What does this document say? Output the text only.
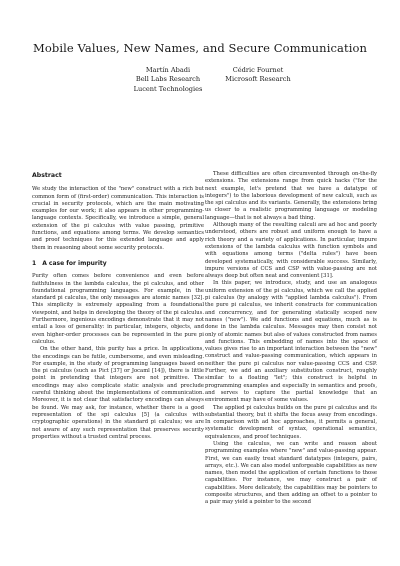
Mobile Values, New Names, and Secure Communication
Martín Abadi
Bell Labs Research
Lucent Technologies
Cédric Fournet
Microsoft Research
Abstract

We study the interaction of the "new" construct with a rich but common form of (first-order) communication. This interaction is crucial in security protocols, which are the main motivating examples for our work; it also appears in other programming-language contexts. Specifically, we introduce a simple, general extension of the pi calculus with value passing, primitive functions, and equations among terms. We develop semantics and proof techniques for this extended language and apply them in reasoning about some security protocols.

1 A case for impurity

Purity often comes before convenience and even before faithfulness in the lambda calculus, the pi calculus, and other foundational programming languages. For example, in the standard pi calculus, the only messages are atomic names [32]. This simplicity is extremely appealing from a foundational viewpoint, and helps in developing the theory of the pi calculus. Furthermore, ingenious encodings demonstrate that it may not entail a loss of generality: in particular, integers, objects, and even higher-order processes can be represented in the pure pi calculus.

On the other hand, this purity has a price. In applications, the encodings can be futile, cumbersome, and even misleading. For example, in the study of programming languages based on the pi calculus (such as Pict [37] or Jocaml [14]), there is little point in pretending that integers are not primitive. The encodings may also complicate static analysis and preclude careful thinking about the implementations of communication. Moreover, it is not clear that satisfactory encodings can always be found. We may ask, for instance, whether there is a good representation of the spi calculus [5] (a calculus with cryptographic operations) in the standard pi calculus; we are not aware of any such representation that preserves security properties without a trusted central process.

These difficulties are often circumvented through on-the-fly extensions. The extensions range from quick hacks ("for the next example, let's pretend that we have a datatype of integers") to the laborious development of new calculi, such as the spi calculus and its variants. Generally, the extensions bring us closer to a realistic programming language or modeling language—that is not always a bad thing.

Although many of the resulting calculi are ad hoc and poorly understood, others are robust and uniform enough to have a rich theory and a variety of applications. In particular, impure extensions of the lambda calculus with function symbols and with equations among terms ("delta rules") have been developed systematically, with considerable success. Similarly, impure versions of CCS and CSP with value-passing are not always deep but often neat and convenient [31].

In this paper, we introduce, study, and use an analogous uniform extension of the pi calculus, which we call the applied pi calculus (by analogy with "applied lambda calculus"). From the pure pi calculus, we inherit constructs for communication and concurrency, and for generating statically scoped new names ("new"). We add functions and equations, much as is done in the lambda calculus. Messages may then consist not only of atomic names but also of values constructed from names and functions. This embedding of names into the space of values gives rise to an important interaction between the "new" construct and value-passing communication, which appears in neither the pure pi calculus nor value-passing CCS and CSP. Further, we add an auxiliary substitution construct, roughly similar to a floating "let"; this construct is helpful in programming examples and especially in semantics and proofs, and serves to capture the partial knowledge that an environment may have of some values.

The applied pi calculus builds on the pure pi calculus and its substantial theory, but it shifts the focus away from encodings. In comparison with ad hoc approaches, it permits a general, systematic development of syntax, operational semantics, equivalences, and proof techniques.

Using the calculus, we can write and reason about programming examples where "new" and value-passing appear. First, we can easily treat standard datatypes (integers, pairs, arrays, etc.). We can also model unforgeable capabilities as new names, then model the application of certain functions to those capabilities. For instance, we may construct a pair of capabilities. More delicately, the capabilities may be pointers to composite structures, and then adding an offset to a pointer to a pair may yield a pointer to the second
